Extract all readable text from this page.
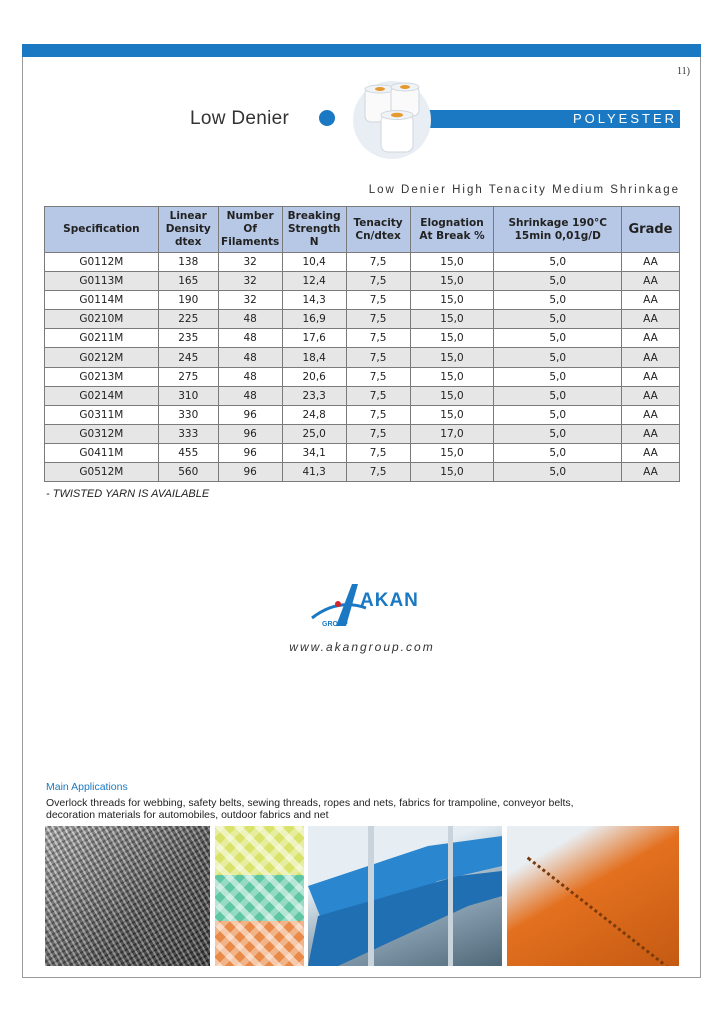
11)
Low Denier	POLYESTER
Low Denier High Tenacity Medium Shrinkage
Specification	Linear Density dtex	Number Of Filaments	Breaking Strength N	Tenacity Cn/dtex	Elognation At Break %	Shrinkage 190°C 15min 0,01g/D	Grade
G0112M	138	32	10,4	7,5	15,0	5,0	AA
G0113M	165	32	12,4	7,5	15,0	5,0	AA
G0114M	190	32	14,3	7,5	15,0	5,0	AA
G0210M	225	48	16,9	7,5	15,0	5,0	AA
G0211M	235	48	17,6	7,5	15,0	5,0	AA
G0212M	245	48	18,4	7,5	15,0	5,0	AA
G0213M	275	48	20,6	7,5	15,0	5,0	AA
G0214M	310	48	23,3	7,5	15,0	5,0	AA
G0311M	330	96	24,8	7,5	15,0	5,0	AA
G0312M	333	96	25,0	7,5	17,0	5,0	AA
G0411M	455	96	34,1	7,5	15,0	5,0	AA
G0512M	560	96	41,3	7,5	15,0	5,0	AA
- TWISTED YARN IS AVAILABLE
GROUP
AKAN
www.akangroup.com
Main Applications
Overlock threads for webbing, safety belts, sewing threads, ropes and nets, fabrics for trampoline, conveyor belts, decoration materials for automobiles, outdoor fabrics and net
